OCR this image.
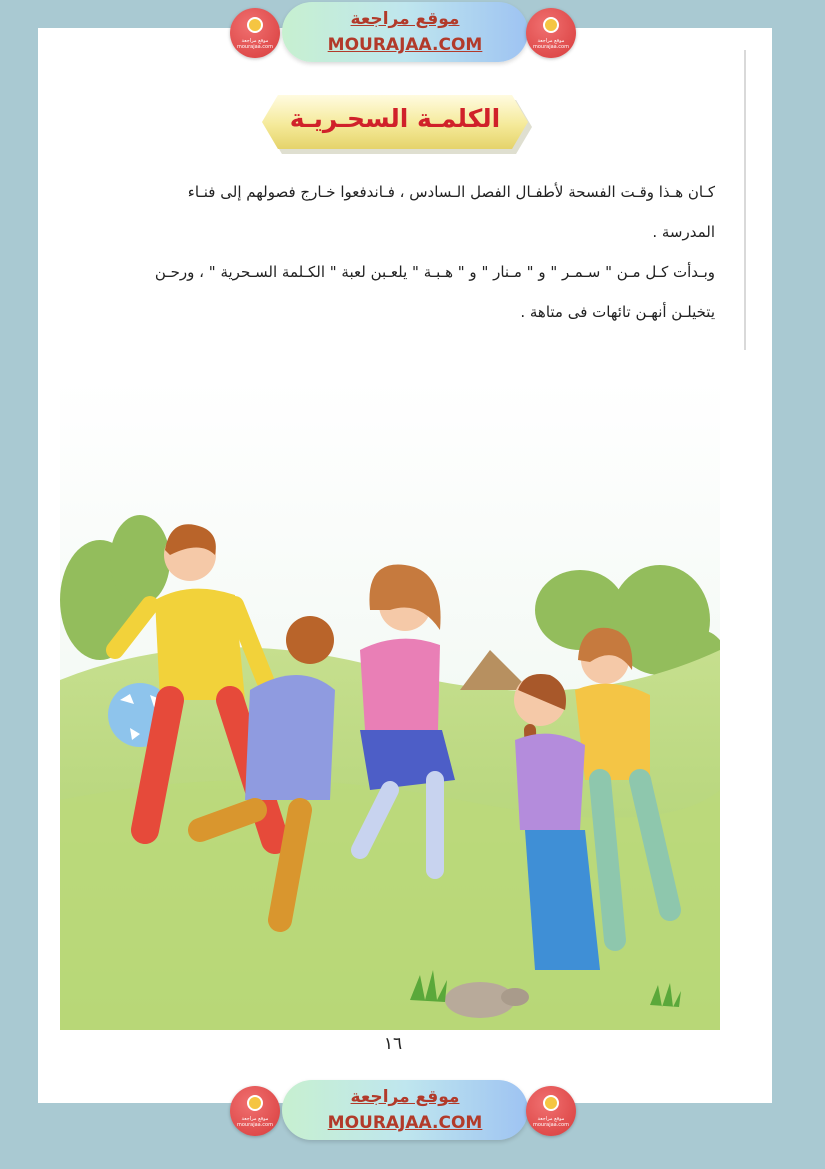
موقع مراجعة
mourajaa.com
موقع مراجعة
MOURAJAA.COM	موقع مراجعة
mourajaa.com
الكلمـة السحـريـة
كـان هـذا وقـت الفسحة لأطفـال الفصل الـسادس ، فـاندفعوا خـارج فصولهم إلى فنـاء
المدرسة .
وبـدأت كـل مـن " سـمـر " و " مـنار " و " هـبـة " يلعـبن لعبة " الكـلمة السـحرية " ، ورحـن
يتخيلـن أنهـن تائهات فى متاهة .
١٦
موقع مراجعة
mourajaa.com
موقع مراجعة
MOURAJAA.COM	موقع مراجعة
mourajaa.com
